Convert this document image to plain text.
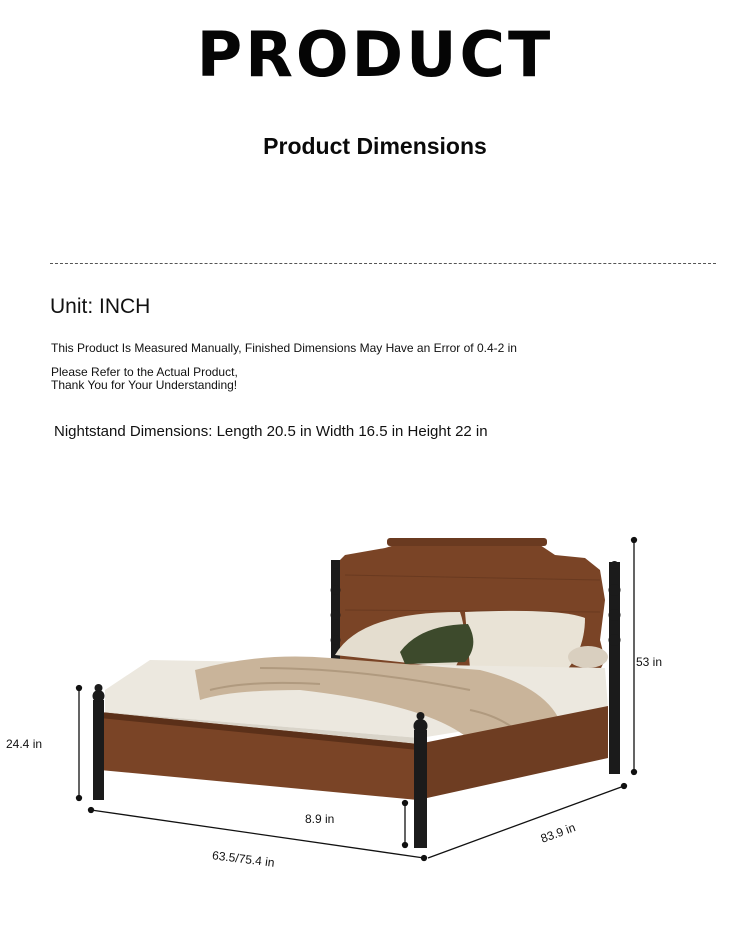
PRODUCT
Product Dimensions
Unit: INCH
This Product Is Measured Manually, Finished Dimensions May Have an Error of 0.4-2 in
Please Refer to the Actual Product,
Thank You for Your Understanding!
Nightstand Dimensions: Length 20.5 in Width 16.5 in Height 22 in
53 in
24.4 in
8.9 in
63.5/75.4 in
83.9 in
